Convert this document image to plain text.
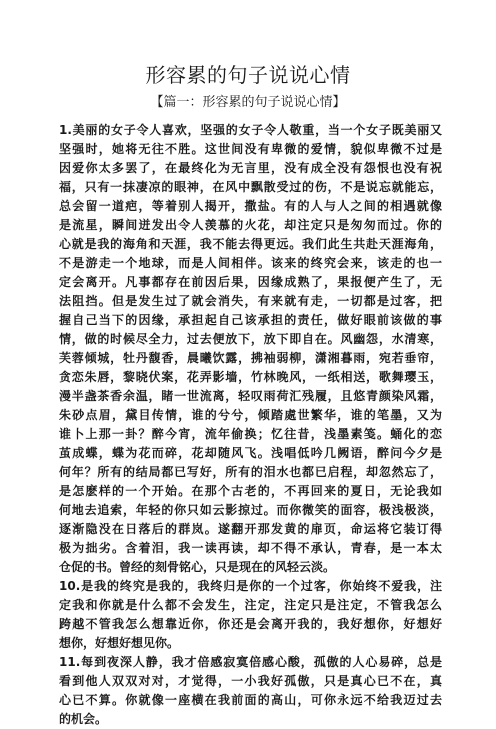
形容累的句子说说心情
【篇一：形容累的句子说说心情】
1.美丽的女子令人喜欢，坚强的女子令人敬重，当一个女子既美丽又
坚强时，她将无往不胜。这世间没有卑微的爱情，貌似卑微不过是
因爱你太多罢了，在最终化为无言里，没有成全没有怨恨也没有祝
福，只有一抹凄凉的眼神，在风中飘散受过的伤，不是说忘就能忘，
总会留一道疤，等着别人揭开，撒盐。有的人与人之间的相遇就像
是流星，瞬间迸发出令人羡慕的火花，却注定只是匆匆而过。你的
心就是我的海角和天涯，我不能去得更远。我们此生共赴天涯海角，
不是游走一个地球，而是人间相伴。该来的终究会来，该走的也一
定会离开。凡事都存在前因后果，因缘成熟了，果报便产生了，无
法阻挡。但是发生过了就会消失，有来就有走，一切都是过客，把
握自己当下的因缘，承担起自己该承担的责任，做好眼前该做的事
情，做的时候尽全力，过去便放下，放下即自在。风幽怨，水清寒，
芙蓉倾城，牡丹馥香，晨曦饮露，拂袖弱柳，潇湘暮雨，宛若垂帘，
贪恋朱唇，黎晓伏案，花弄影墙，竹林晚风，一纸相送，歌舞璎玉，
漫半盏茶香余温，睹一世流离，轻叹雨荷汇残履，且悠青颜染风霜，
朱砂点眉，黛目传情，谁的兮兮，倾踏處世繁华，谁的笔墨，又为
谁卜上那一卦？醉今宵，流年偷换；忆往昔，浅墨素笺。蛹化的恋
茧成蝶，蝶为花而碎，花却随风飞。浅唱低吟几阙语，醉问今夕是
何年？所有的结局都已写好，所有的泪水也都已启程，却忽然忘了，
是怎麽样的一个开始。在那个古老的，不再回来的夏日，无论我如
何地去追索，年轻的你只如云影掠过。而你微笑的面容，极浅极淡，
逐渐隐没在日落后的群岚。遂翻开那发黄的扉页，命运将它装订得
极为拙劣。含着泪，我一读再读，却不得不承认，青春，是一本太
仓促的书。曾经的刻骨铭心，只是现在的风轻云淡。
10.是我的终究是我的，我终归是你的一个过客，你始终不爱我，注
定我和你就是什么都不会发生，注定，注定只是注定，不管我怎么
跨越不管我怎么想靠近你，你还是会离开我的，我好想你，好想好
想你，好想好想见你。
11.每到夜深人静，我才倍感寂寞倍感心酸，孤傲的人心易碎，总是
看到他人双双对对，才觉得，一小我好孤傲，只是真心已不在，真
心已不算。你就像一座横在我前面的高山，可你永远不给我迈过去
的机会。
